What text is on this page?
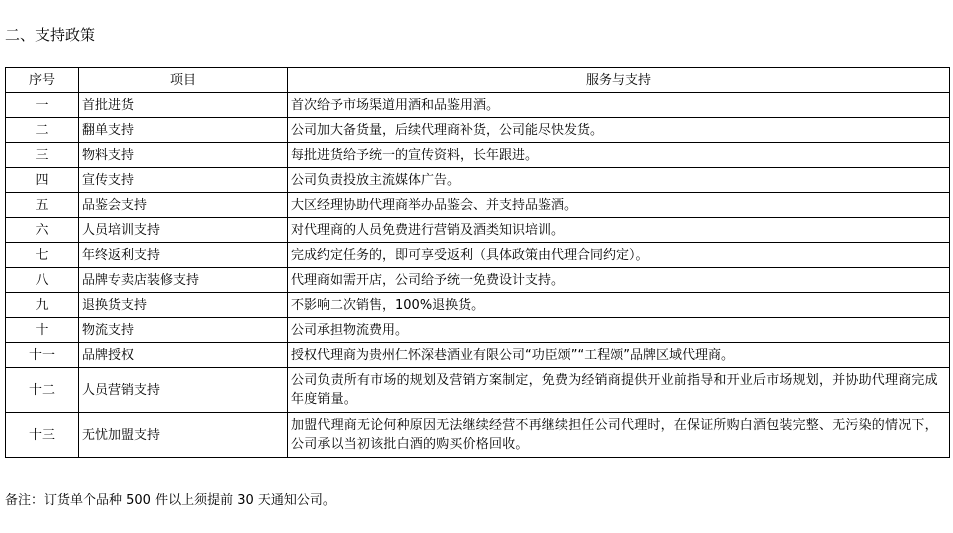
二、支持政策
序号	项目	服务与支持
一	首批进货	首次给予市场渠道用酒和品鉴用酒。
二	翻单支持	公司加大备货量，后续代理商补货，公司能尽快发货。
三	物料支持	每批进货给予统一的宣传资料，长年跟进。
四	宣传支持	公司负责投放主流媒体广告。
五	品鉴会支持	大区经理协助代理商举办品鉴会、并支持品鉴酒。
六	人员培训支持	对代理商的人员免费进行营销及酒类知识培训。
七	年终返利支持	完成约定任务的，即可享受返利（具体政策由代理合同约定）。
八	品牌专卖店装修支持	代理商如需开店，公司给予统一免费设计支持。
九	退换货支持	不影响二次销售，100%退换货。
十	物流支持	公司承担物流费用。
十一	品牌授权	授权代理商为贵州仁怀深巷酒业有限公司“功臣颂”“工程颂”品牌区域代理商。
十二	人员营销支持	公司负责所有市场的规划及营销方案制定，免费为经销商提供开业前指导和开业后市场规划，并协助代理商完成年度销量。
十三	无忧加盟支持	加盟代理商无论何种原因无法继续经营不再继续担任公司代理时，在保证所购白酒包装完整、无污染的情况下，公司承以当初该批白酒的购买价格回收。
备注：订货单个品种 500 件以上须提前 30 天通知公司。
